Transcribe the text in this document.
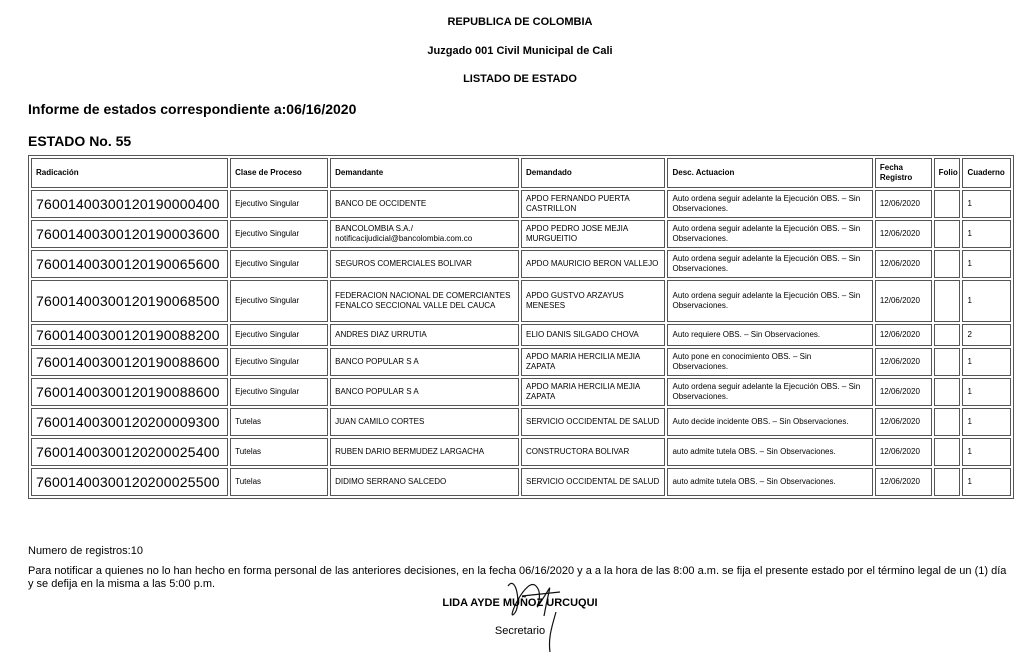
REPUBLICA DE COLOMBIA
Juzgado 001 Civil Municipal de Cali
LISTADO DE ESTADO
Informe de estados correspondiente a:06/16/2020
ESTADO No. 55
Radicación	Clase de Proceso	Demandante	Demandado	Desc. Actuacion	Fecha Registro	Folio	Cuaderno
76001400300120190000400	Ejecutivo Singular	BANCO DE OCCIDENTE	APDO FERNANDO PUERTA CASTRILLON	Auto ordena seguir adelante la Ejecución OBS. – Sin Observaciones.	12/06/2020		1
76001400300120190003600	Ejecutivo Singular	BANCOLOMBIA S.A./ notificacijudicial@bancolombia.com.co	APDO PEDRO JOSE MEJIA MURGUEITIO	Auto ordena seguir adelante la Ejecución OBS. – Sin Observaciones.	12/06/2020		1
76001400300120190065600	Ejecutivo Singular	SEGUROS COMERCIALES BOLIVAR	APDO MAURICIO BERON VALLEJO	Auto ordena seguir adelante la Ejecución OBS. – Sin Observaciones.	12/06/2020		1
76001400300120190068500	Ejecutivo Singular	FEDERACION NACIONAL DE COMERCIANTES FENALCO SECCIONAL VALLE DEL CAUCA	APDO GUSTVO ARZAYUS MENESES	Auto ordena seguir adelante la Ejecución OBS. – Sin Observaciones.	12/06/2020		1
76001400300120190088200	Ejecutivo Singular	ANDRES DIAZ URRUTIA	ELIO DANIS SILGADO CHOVA	Auto requiere OBS. – Sin Observaciones.	12/06/2020		2
76001400300120190088600	Ejecutivo Singular	BANCO POPULAR S A	APDO MARIA HERCILIA MEJIA ZAPATA	Auto pone en conocimiento OBS. – Sin Observaciones.	12/06/2020		1
76001400300120190088600	Ejecutivo Singular	BANCO POPULAR S A	APDO MARIA HERCILIA MEJIA ZAPATA	Auto ordena seguir adelante la Ejecución OBS. – Sin Observaciones.	12/06/2020		1
76001400300120200009300	Tutelas	JUAN CAMILO CORTES	SERVICIO OCCIDENTAL DE SALUD	Auto decide incidente OBS. – Sin Observaciones.	12/06/2020		1
76001400300120200025400	Tutelas	RUBEN DARIO BERMUDEZ LARGACHA	CONSTRUCTORA BOLIVAR	auto admite tutela OBS. – Sin Observaciones.	12/06/2020		1
76001400300120200025500	Tutelas	DIDIMO SERRANO SALCEDO	SERVICIO OCCIDENTAL DE SALUD	auto admite tutela OBS. – Sin Observaciones.	12/06/2020		1
Numero de registros:10
Para notificar a quienes no lo han hecho en forma personal de las anteriores decisiones, en la fecha 06/16/2020 y a a la hora de las 8:00 a.m. se fija el presente estado por el término legal de un (1) día y se defija en la misma a las 5:00 p.m.
LIDA AYDE MUÑOZ URCUQUI
Secretario
